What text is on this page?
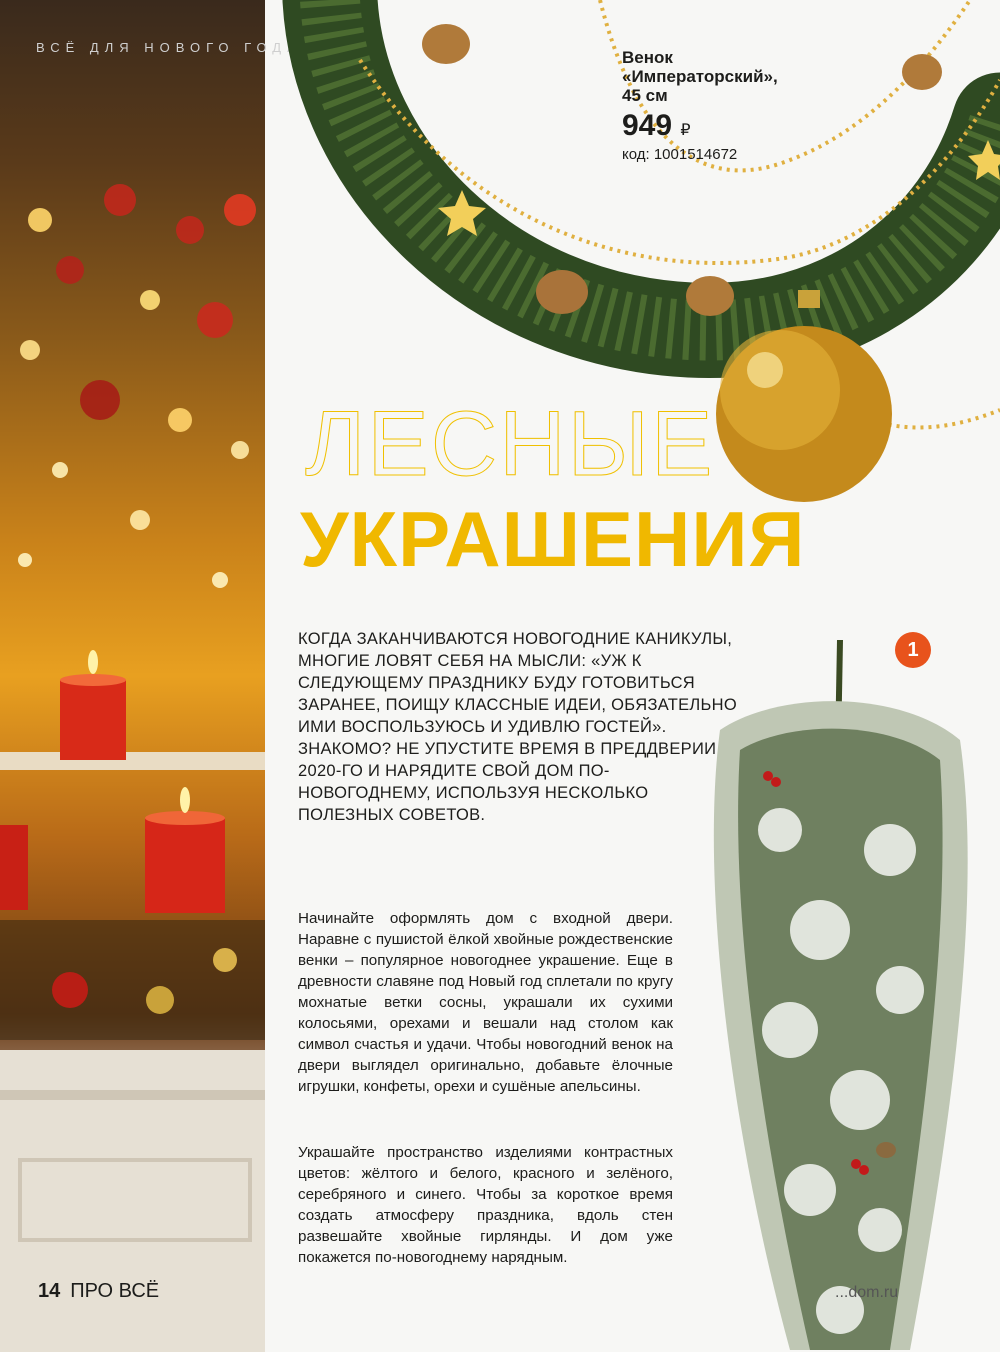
ВСЁ ДЛЯ НОВОГО ГОДА
Венок
«Императорский»,
45 см
949 ₽
код: 1001514672
ЛЕСНЫЕ
УКРАШЕНИЯ
КОГДА ЗАКАНЧИВАЮТСЯ НОВОГОДНИЕ КАНИКУЛЫ, МНОГИЕ ЛОВЯТ СЕБЯ НА МЫСЛИ: «УЖ К СЛЕДУЮЩЕМУ ПРАЗДНИКУ БУДУ ГОТОВИТЬСЯ ЗАРАНЕЕ, ПОИЩУ КЛАССНЫЕ ИДЕИ, ОБЯЗАТЕЛЬНО ИМИ ВОСПОЛЬЗУЮСЬ И УДИВЛЮ ГОСТЕЙ». ЗНАКОМО? НЕ УПУСТИТЕ ВРЕМЯ В ПРЕДДВЕРИИ 2020-ГО И НАРЯДИТЕ СВОЙ ДОМ ПО-НОВОГОДНЕМУ, ИСПОЛЬЗУЯ НЕСКОЛЬКО ПОЛЕЗНЫХ СОВЕТОВ.
Начинайте оформлять дом с входной двери. Наравне с пушистой ёлкой хвойные рождественские венки – популярное новогоднее украшение. Еще в древности славяне под Новый год сплетали по кругу мохнатые ветки сосны, украшали их сухими колосьями, орехами и вешали над столом как символ счастья и удачи. Чтобы новогодний венок на двери выглядел оригинально, добавьте ёлочные игрушки, конфеты, орехи и сушёные апельсины.
Украшайте пространство изделиями контрастных цветов: жёлтого и белого, красного и зелёного, серебряного и синего. Чтобы за короткое время создать атмосферу праздника, вдоль стен развешайте хвойные гирлянды. И дом уже покажется по-новогоднему нарядным.
1
14 ПРО ВСЁ	...dom.ru
